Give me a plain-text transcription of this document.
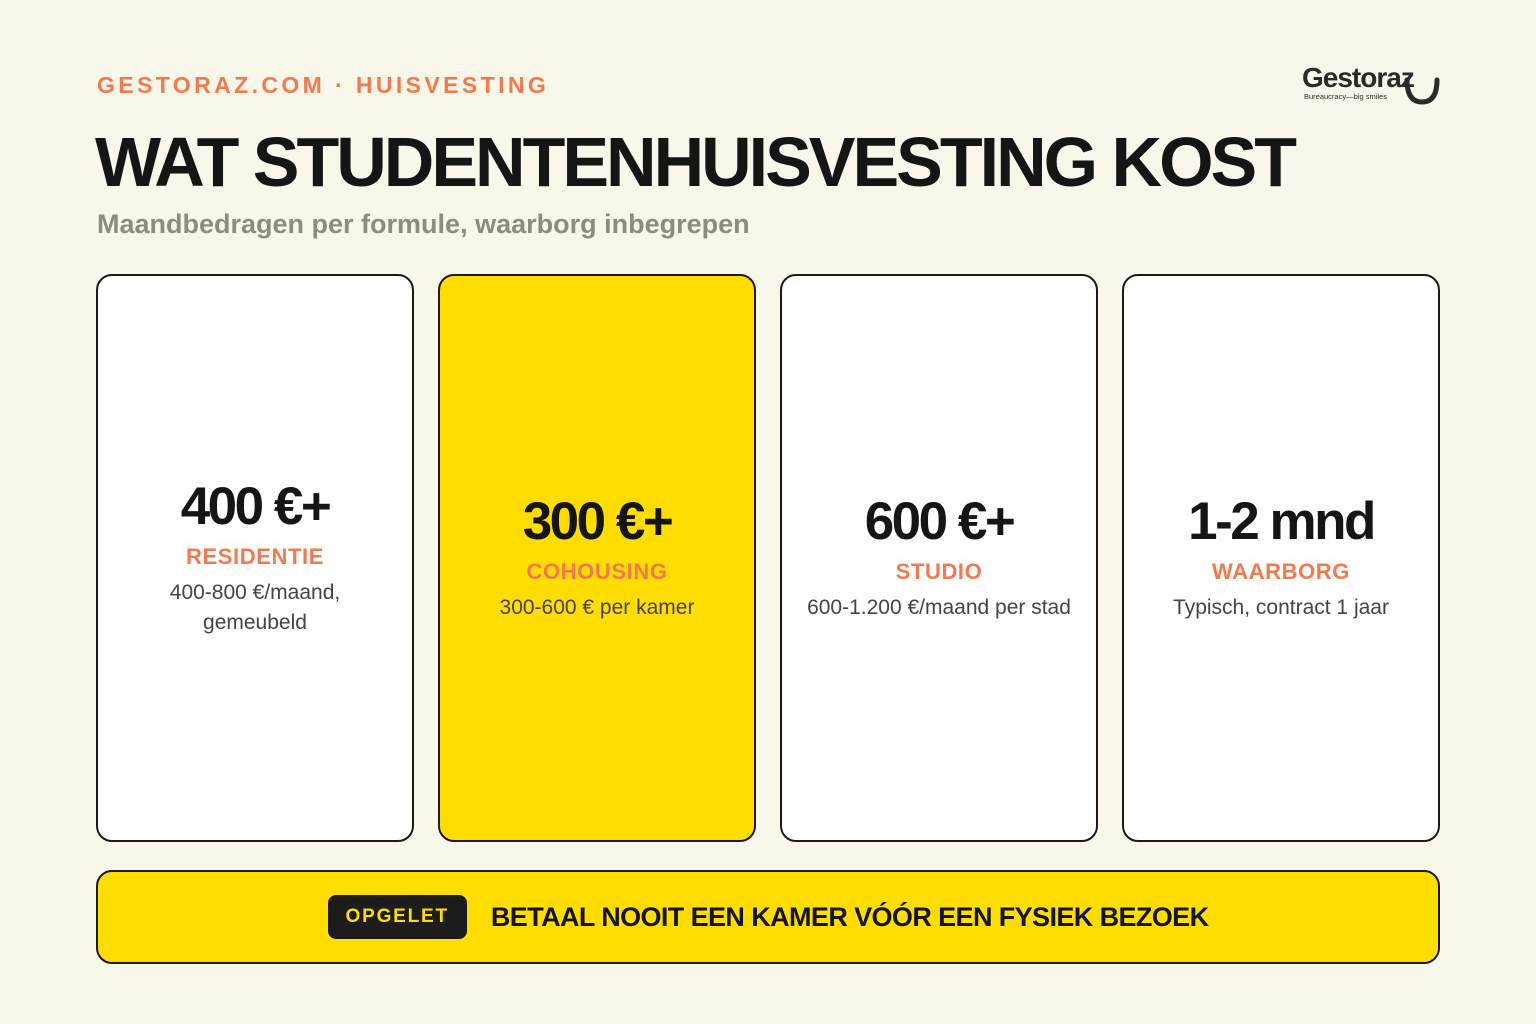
GESTORAZ.COM · HUISVESTING	Gestoraz
Bureaucracy—big smiles
WAT STUDENTENHUISVESTING KOST
Maandbedragen per formule, waarborg inbegrepen
400 €+
RESIDENTIE
400-800 €/maand, gemeubeld
300 €+
COHOUSING
300-600 € per kamer
600 €+
STUDIO
600-1.200 €/maand per stad
1-2 mnd
WAARBORG
Typisch, contract 1 jaar
OPGELET	BETAAL NOOIT EEN KAMER VÓÓR EEN FYSIEK BEZOEK
